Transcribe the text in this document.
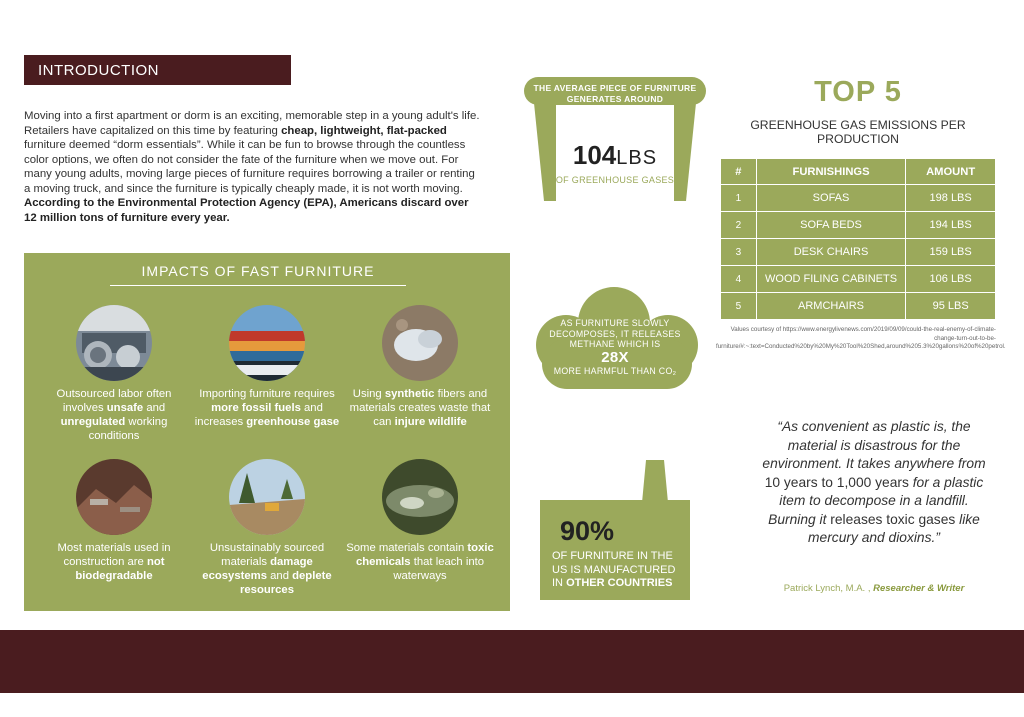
INTRODUCTION

Moving into a first apartment or dorm is an exciting, memorable step in a young adult's life. Retailers have capitalized on this time by featuring cheap, lightweight, flat-packed furniture deemed “dorm essentials”. While it can be fun to browse through the countless color options, we often do not consider the fate of the furniture when we move out. For many young adults, moving large pieces of furniture requires borrowing a trailer or renting a moving truck, and since the furniture is typically cheaply made, it is not worth moving. According to the Environmental Protection Agency (EPA), Americans discard over 12 million tons of furniture every year.

IMPACTS OF FAST FURNITURE
Outsourced labor often involves unsafe and unregulated working conditions
Importing furniture requires more fossil fuels and increases greenhouse gase
Using synthetic fibers and materials creates waste that can injure wildlife
Most materials used in construction are not biodegradable
Unsustainably sourced materials damage ecosystems and deplete resources
Some materials contain toxic chemicals that leach into waterways
THE AVERAGE PIECE OF FURNITURE GENERATES AROUND
104LBS
OF GREENHOUSE GASES
AS FURNITURE SLOWLY DECOMPOSES, IT RELEASES METHANE WHICH IS
28X
MORE HARMFUL THAN CO₂
90%
OF FURNITURE IN THE US IS MANUFACTURED IN OTHER COUNTRIES
TOP 5
GREENHOUSE GAS EMISSIONS PER PRODUCTION
#	FURNISHINGS	AMOUNT
1	SOFAS	198 LBS
2	SOFA BEDS	194 LBS
3	DESK CHAIRS	159 LBS
4	WOOD FILING CABINETS	106 LBS
5	ARMCHAIRS	95 LBS
Values courtesy of https://www.energylivenews.com/2019/09/09/could-the-real-enemy-of-climate-change-turn-out-to-be-furniture/#:~:text=Conducted%20by%20My%20Tool%20Shed,around%205.3%20gallons%20of%20petrol.
“As convenient as plastic is, the material is disastrous for the environment. It takes anywhere from 10 years to 1,000 years for a plastic item to decompose in a landfill. Burning it releases toxic gases like mercury and dioxins.”
Patrick Lynch, M.A. , Researcher & Writer
